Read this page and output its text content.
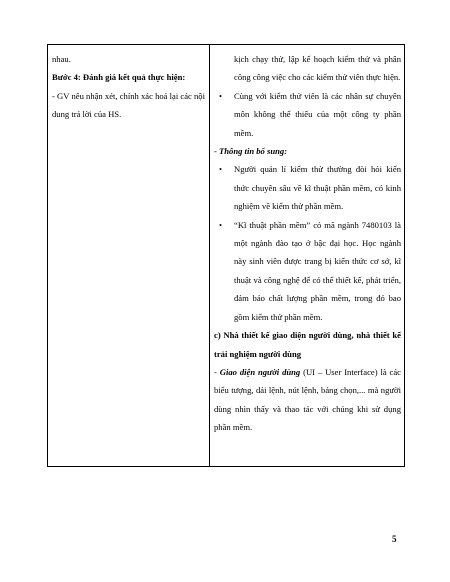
nhau.
Bước 4: Đánh giá kết quả thực hiện:
- GV nêu nhận xét, chính xác hoá lại các nội dung trả lời của HS.
kịch chạy thử, lập kế hoạch kiểm thử và phân công công việc cho các kiểm thử viên thực hiện.
• Cùng với kiểm thử viên là các nhân sự chuyên môn không thể thiếu của một công ty phần mềm.
- Thông tin bổ sung:
• Người quản lí kiểm thử thường đòi hỏi kiến thức chuyên sâu về kĩ thuật phần mềm, có kinh nghiệm về kiểm thử phần mềm.
• “Kĩ thuật phần mềm” có mã ngành 7480103 là một ngành đào tạo ở bậc đại học. Học ngành này sinh viên được trang bị kiến thức cơ sở, kĩ thuật và công nghệ để có thể thiết kế, phát triển, đảm bảo chất lượng phần mềm, trong đó bao gồm kiểm thử phần mềm.
c) Nhà thiết kế giao diện người dùng, nhà thiết kế trải nghiệm người dùng
- Giao diện người dùng (UI – User Interface) là các biểu tượng, dải lệnh, nút lệnh, bảng chọn,... mà người dùng nhìn thấy và thao tác với chúng khi sử dụng phần mềm.
5
